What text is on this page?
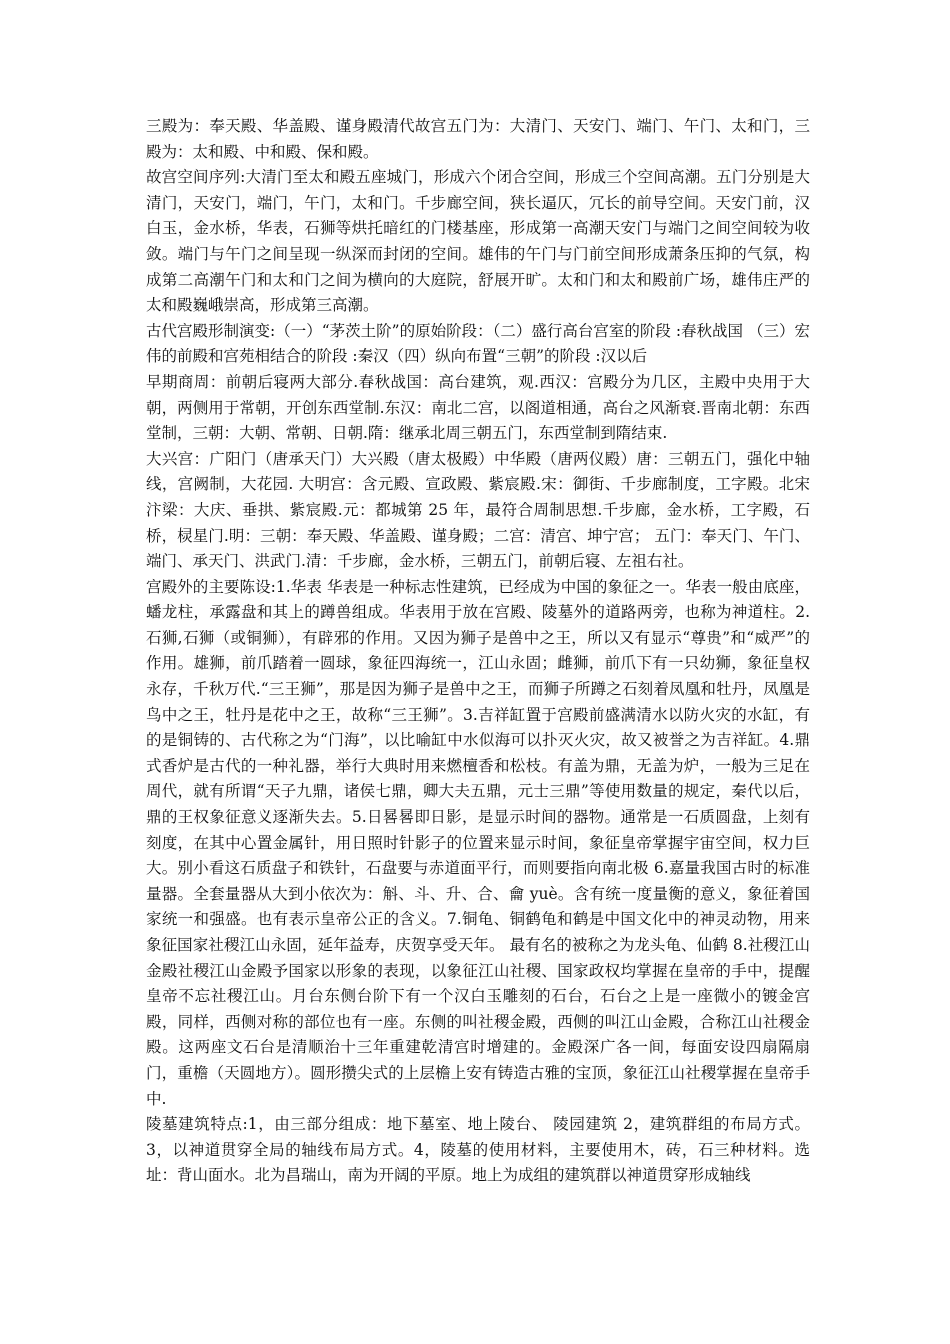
三殿为：奉天殿、华盖殿、谨身殿清代故宫五门为：大清门、天安门、端门、午门、太和门，三殿为：太和殿、中和殿、保和殿。

故宫空间序列:大清门至太和殿五座城门，形成六个闭合空间，形成三个空间高潮。五门分别是大清门，天安门，端门，午门，太和门。千步廊空间，狭长逼仄，冗长的前导空间。天安门前，汉白玉，金水桥，华表，石狮等烘托暗红的门楼基座，形成第一高潮天安门与端门之间空间较为收敛。端门与午门之间呈现一纵深而封闭的空间。雄伟的午门与门前空间形成萧条压抑的气氛，构成第二高潮午门和太和门之间为横向的大庭院，舒展开旷。太和门和太和殿前广场，雄伟庄严的太和殿巍峨崇高，形成第三高潮。

古代宫殿形制演变:（一）“茅茨土阶”的原始阶段：（二）盛行高台宫室的阶段 :春秋战国 （三）宏伟的前殿和宫苑相结合的阶段 :秦汉（四）纵向布置“三朝”的阶段 :汉以后

早期商周：前朝后寝两大部分.春秋战国：高台建筑，观.西汉：宫殿分为几区，主殿中央用于大朝，两侧用于常朝，开创东西堂制.东汉：南北二宫，以阁道相通，高台之风渐衰.晋南北朝：东西堂制，三朝：大朝、常朝、日朝.隋：继承北周三朝五门，东西堂制到隋结束.

大兴宫：广阳门（唐承天门）大兴殿（唐太极殿）中华殿（唐两仪殿）唐：三朝五门，强化中轴线，宫阙制，大花园. 大明宫：含元殿、宣政殿、紫宸殿.宋：御街、千步廊制度，工字殿。北宋汴梁：大庆、垂拱、紫宸殿.元：都城第 25 年，最符合周制思想.千步廊，金水桥，工字殿，石桥，棂星门.明：三朝：奉天殿、华盖殿、谨身殿；二宫：清宫、坤宁宫； 五门：奉天门、午门、端门、承天门、洪武门.清：千步廊，金水桥，三朝五门，前朝后寝、左祖右社。

宫殿外的主要陈设:1.华表 华表是一种标志性建筑，已经成为中国的象征之一。华表一般由底座，蟠龙柱，承露盘和其上的蹲兽组成。华表用于放在宫殿、陵墓外的道路两旁，也称为神道柱。2.石狮,石狮（或铜狮），有辟邪的作用。又因为狮子是兽中之王，所以又有显示“尊贵”和“威严”的作用。雄狮，前爪踏着一圆球，象征四海统一，江山永固；雌狮，前爪下有一只幼狮，象征皇权永存，千秋万代.“三王狮”，那是因为狮子是兽中之王，而狮子所蹲之石刻着凤凰和牡丹，凤凰是鸟中之王，牡丹是花中之王，故称“三王狮”。3.吉祥缸置于宫殿前盛满清水以防火灾的水缸，有的是铜铸的、古代称之为“门海”，以比喻缸中水似海可以扑灭火灾，故又被誉之为吉祥缸。4.鼎式香炉是古代的一种礼器，举行大典时用来燃檀香和松枝。有盖为鼎，无盖为炉，一般为三足在周代，就有所谓“天子九鼎，诸侯七鼎，卿大夫五鼎，元士三鼎”等使用数量的规定，秦代以后，鼎的王权象征意义逐渐失去。5.日晷晷即日影，是显示时间的器物。通常是一石质圆盘，上刻有刻度，在其中心置金属针，用日照时针影子的位置来显示时间，象征皇帝掌握宇宙空间，权力巨大。别小看这石质盘子和铁针，石盘要与赤道面平行，而则要指向南北极 6.嘉量我国古时的标准量器。全套量器从大到小依次为：斛、斗、升、合、龠 yuè。含有统一度量衡的意义，象征着国家统一和强盛。也有表示皇帝公正的含义。7.铜龟、铜鹤龟和鹤是中国文化中的神灵动物，用来象征国家社稷江山永固，延年益寿，庆贺享受天年。 最有名的被称之为龙头龟、仙鹤 8.社稷江山金殿社稷江山金殿予国家以形象的表现，以象征江山社稷、国家政权均掌握在皇帝的手中，提醒皇帝不忘社稷江山。月台东侧台阶下有一个汉白玉雕刻的石台，石台之上是一座微小的镀金宫殿，同样，西侧对称的部位也有一座。东侧的叫社稷金殿，西侧的叫江山金殿，合称江山社稷金殿。这两座文石台是清顺治十三年重建乾清宫时增建的。金殿深广各一间，每面安设四扇隔扇门，重檐（天圆地方）。圆形攒尖式的上层檐上安有铸造古雅的宝顶，象征江山社稷掌握在皇帝手中.

陵墓建筑特点:1，由三部分组成：地下墓室、地上陵台、 陵园建筑 2，建筑群组的布局方式。3，以神道贯穿全局的轴线布局方式。4，陵墓的使用材料，主要使用木，砖，石三种材料。选址：背山面水。北为昌瑞山，南为开阔的平原。地上为成组的建筑群以神道贯穿形成轴线
